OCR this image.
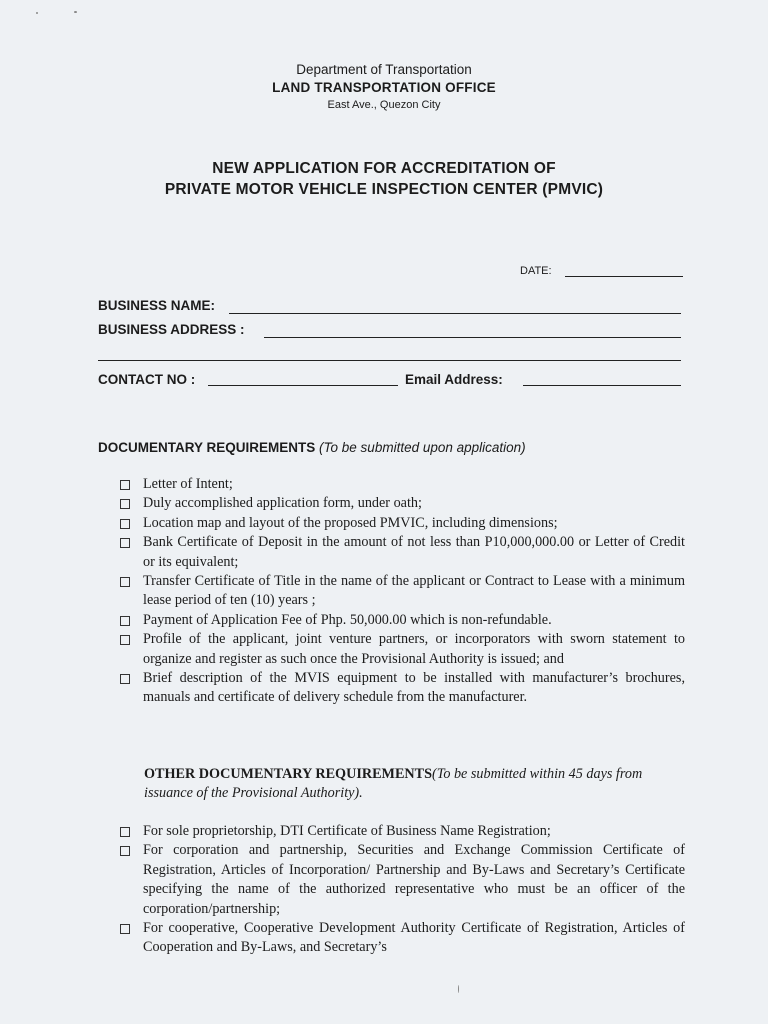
Department of Transportation
LAND TRANSPORTATION OFFICE
East Ave., Quezon City
NEW APPLICATION FOR ACCREDITATION OF
PRIVATE MOTOR VEHICLE INSPECTION CENTER (PMVIC)
DATE:
BUSINESS NAME:
BUSINESS ADDRESS :
CONTACT NO :	Email Address:
DOCUMENTARY REQUIREMENTS (To be submitted upon application)
Letter of Intent;
Duly accomplished application form, under oath;
Location map and layout of the proposed PMVIC, including dimensions;
Bank Certificate of Deposit in the amount of not less than P10,000,000.00 or Letter of Credit or its equivalent;
Transfer Certificate of Title in the name of the applicant or Contract to Lease with a minimum lease period of ten (10) years ;
Payment of Application Fee of Php. 50,000.00 which is non-refundable.
Profile of the applicant, joint venture partners, or incorporators with sworn statement to organize and register as such once the Provisional Authority is issued; and
Brief description of the MVIS equipment to be installed with manufacturer’s brochures, manuals and certificate of delivery schedule from the manufacturer.
OTHER DOCUMENTARY REQUIREMENTS(To be submitted within 45 days from issuance of the Provisional Authority).
For sole proprietorship, DTI Certificate of Business Name Registration;
For corporation and partnership, Securities and Exchange Commission Certificate of Registration, Articles of Incorporation/ Partnership and By-Laws and Secretary’s Certificate specifying the name of the authorized representative who must be an officer of the corporation/partnership;
For cooperative, Cooperative Development Authority Certificate of Registration, Articles of Cooperation and By-Laws, and Secretary’s
